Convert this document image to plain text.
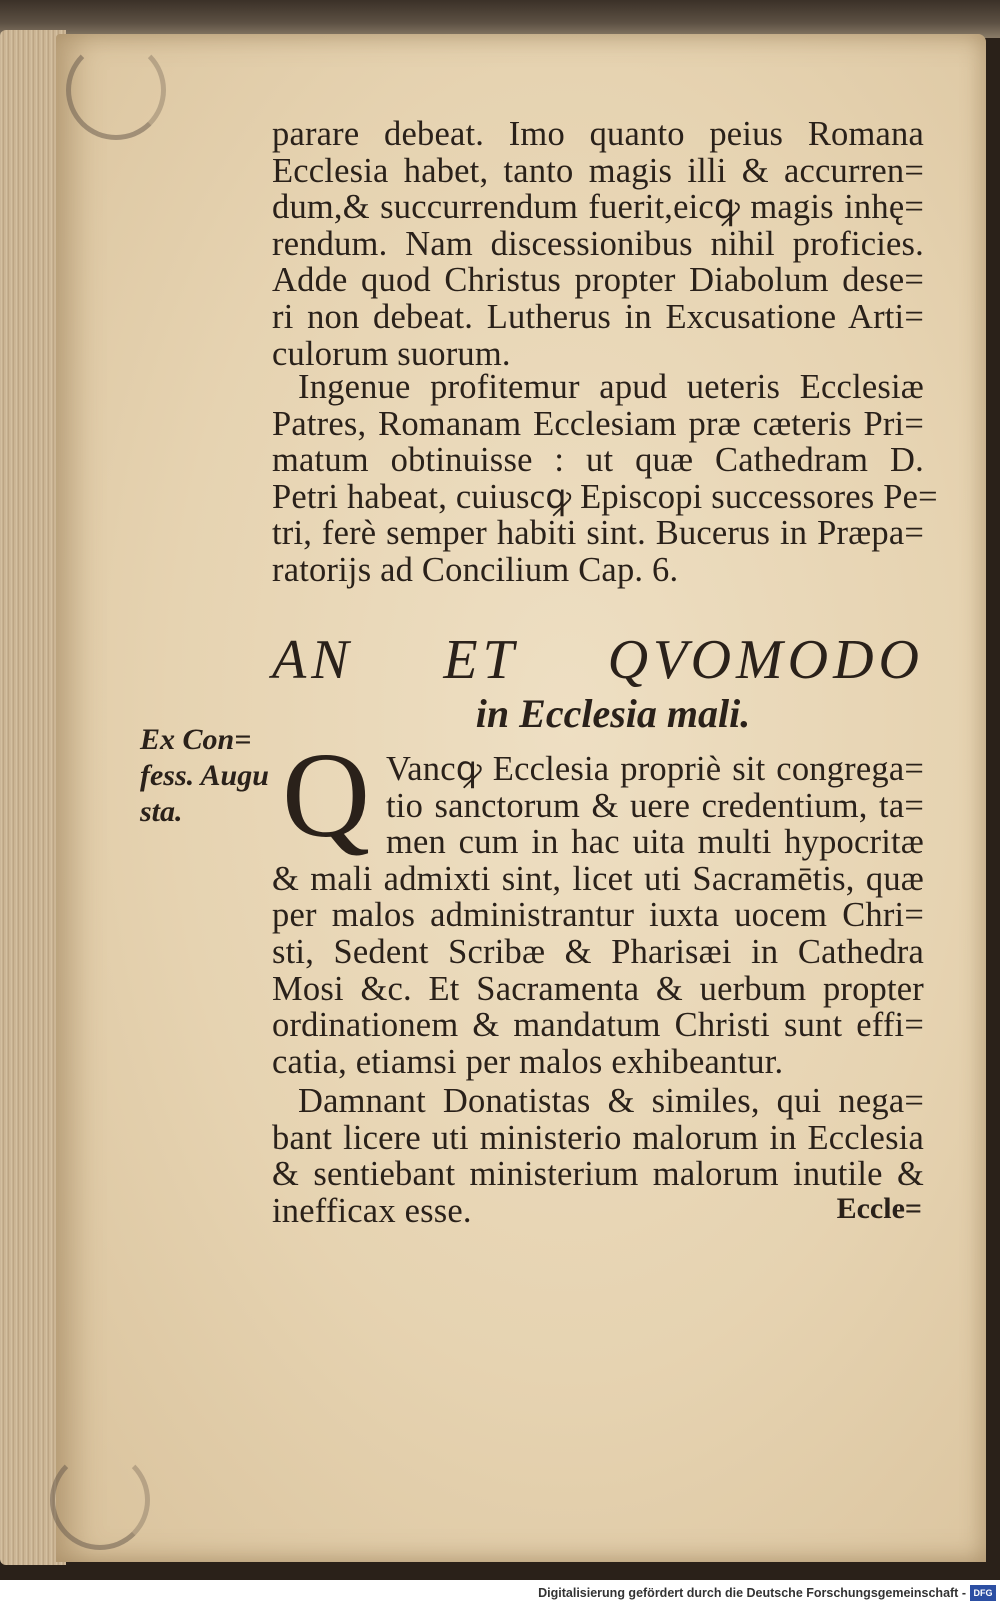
parare debeat. Imo quanto peius Romana
Ecclesia habet, tanto magis illi & accurren=
dum,& succurrendum fuerit,eicꝙ magis inhę=
rendum. Nam discessionibus nihil proficies.
Adde quod Christus propter Diabolum dese=
ri non debeat. Lutherus in Excusatione Arti=
culorum suorum.
Ingenue profitemur apud ueteris Ecclesiæ
Patres, Romanam Ecclesiam præ cæteris Pri=
matum obtinuisse : ut quæ Cathedram D.
Petri habeat, cuiuscꝙ Episcopi successores Pe=
tri, ferè semper habiti sint. Bucerus in Præpa=
ratorijs ad Concilium Cap. 6.
AN ET QVOMODO
in Ecclesia mali.
Ex Con=
fess. Augu
sta. Q Vancꝙ Ecclesia propriè sit congrega=
tio sanctorum & uere credentium, ta=
men cum in hac uita multi hypocritæ
& mali admixti sint, licet uti Sacramētis, quæ
per malos administrantur iuxta uocem Chri=
sti, Sedent Scribæ & Pharisæi in Cathedra
Mosi &c. Et Sacramenta & uerbum propter
ordinationem & mandatum Christi sunt effi=
catia, etiamsi per malos exhibeantur.
Damnant Donatistas & similes, qui nega=
bant licere uti ministerio malorum in Ecclesia
& sentiebant ministerium malorum inutile &
inefficax esse.	Eccle=
Digitalisierung gefördert durch die Deutsche Forschungsgemeinschaft - DFG
